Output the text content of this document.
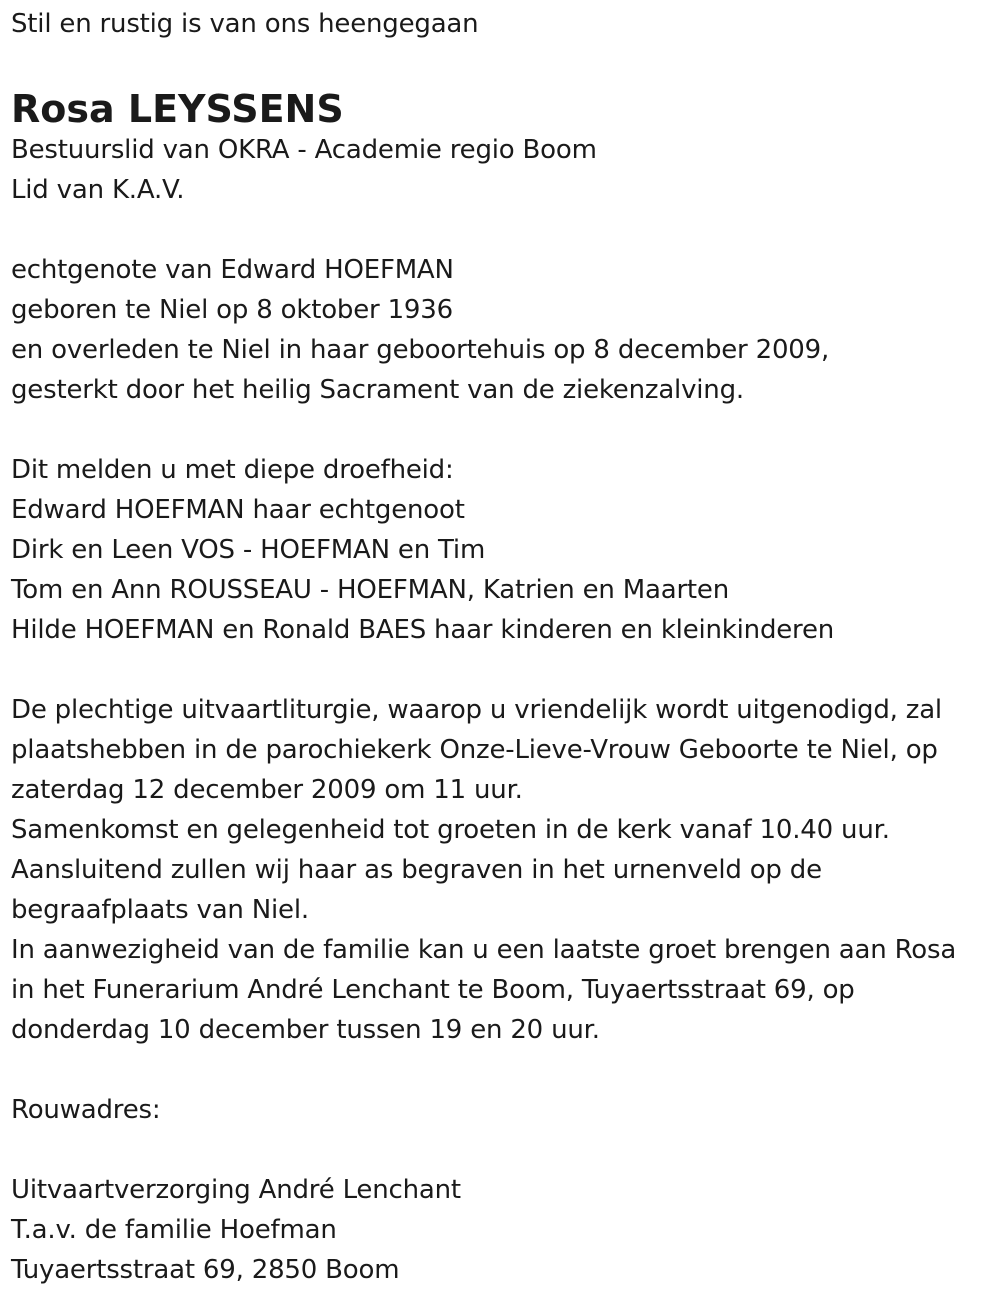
Stil en rustig is van ons heengegaan
Rosa LEYSSENS
Bestuurslid van OKRA - Academie regio Boom
Lid van K.A.V.
echtgenote van Edward HOEFMAN
geboren te Niel op 8 oktober 1936
en overleden te Niel in haar geboortehuis op 8 december 2009,
gesterkt door het heilig Sacrament van de ziekenzalving.
Dit melden u met diepe droefheid:
Edward HOEFMAN haar echtgenoot
Dirk en Leen VOS - HOEFMAN en Tim
Tom en Ann ROUSSEAU - HOEFMAN, Katrien en Maarten
Hilde HOEFMAN en Ronald BAES haar kinderen en kleinkinderen
De plechtige uitvaartliturgie, waarop u vriendelijk wordt uitgenodigd, zal
plaatshebben in de parochiekerk Onze-Lieve-Vrouw Geboorte te Niel, op
zaterdag 12 december 2009 om 11 uur.
Samenkomst en gelegenheid tot groeten in de kerk vanaf 10.40 uur.
Aansluitend zullen wij haar as begraven in het urnenveld op de
begraafplaats van Niel.
In aanwezigheid van de familie kan u een laatste groet brengen aan Rosa
in het Funerarium André Lenchant te Boom, Tuyaertsstraat 69, op
donderdag 10 december tussen 19 en 20 uur.
Rouwadres:
Uitvaartverzorging André Lenchant
T.a.v. de familie Hoefman
Tuyaertsstraat 69, 2850 Boom
